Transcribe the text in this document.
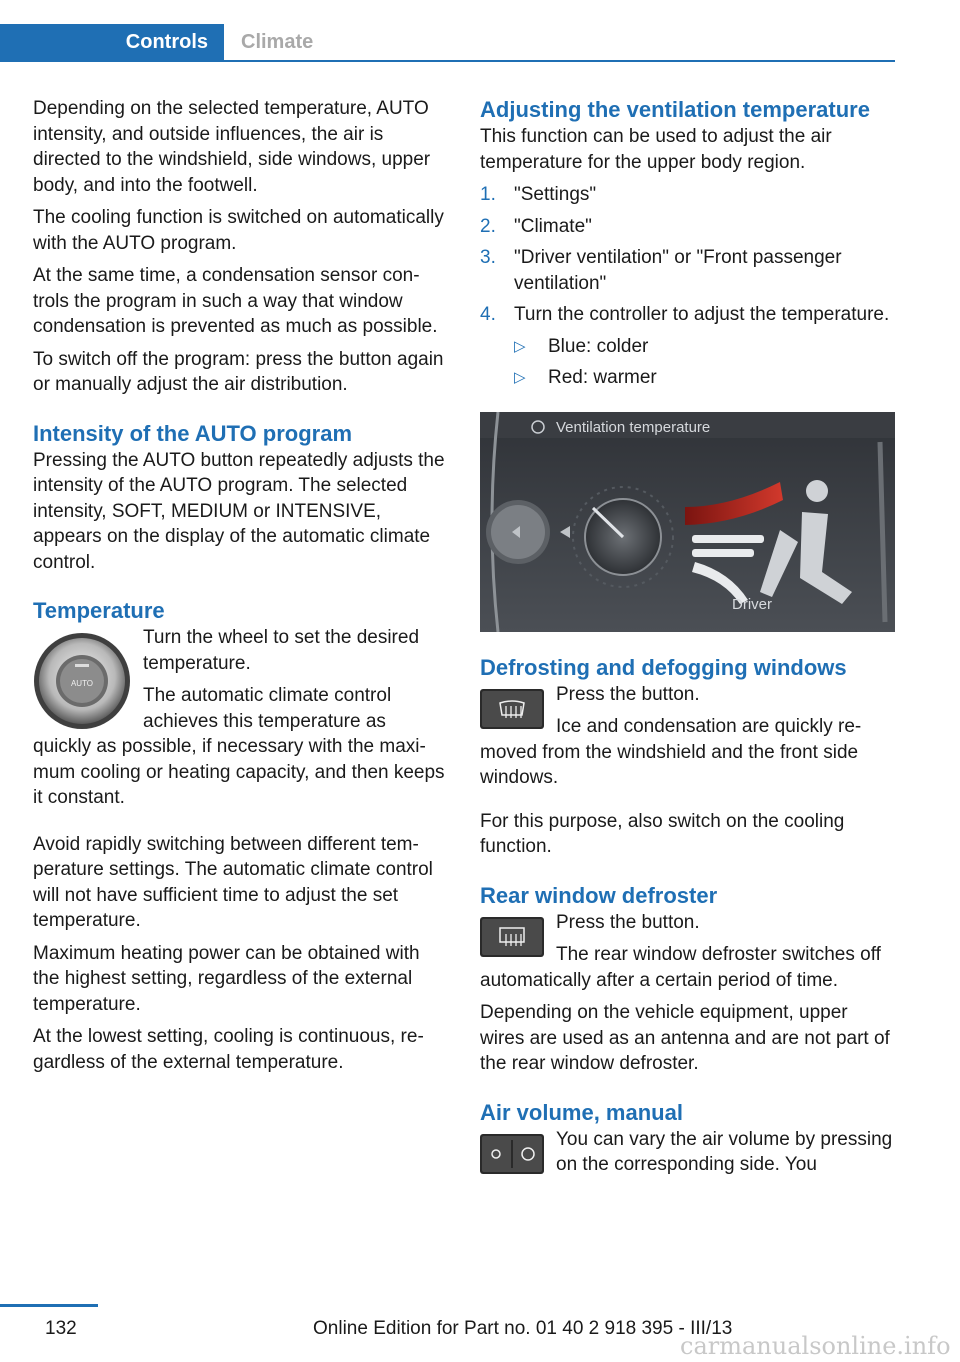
Controls Climate

Depending on the selected temperature, AUTO intensity, and outside influences, the air is directed to the windshield, side windows, upper body, and into the footwell.

The cooling function is switched on automatically with the AUTO program.

At the same time, a condensation sensor controls the program in such a way that window condensation is prevented as much as possible.

To switch off the program: press the button again or manually adjust the air distribution.

Intensity of the AUTO program

Pressing the AUTO button repeatedly adjusts the intensity of the AUTO program. The selected intensity, SOFT, MEDIUM or INTENSIVE, appears on the display of the automatic climate control.

Temperature
AUTO

Turn the wheel to set the desired temperature.

The automatic climate control achieves this temperature as quickly as possible, if necessary with the maximum cooling or heating capacity, and then keeps it constant.

Avoid rapidly switching between different temperature settings. The automatic climate control will not have sufficient time to adjust the set temperature.

Maximum heating power can be obtained with the highest setting, regardless of the external temperature.

At the lowest setting, cooling is continuous, regardless of the external temperature.

Adjusting the ventilation temperature

This function can be used to adjust the air temperature for the upper body region.

1. "Settings"
2. "Climate"
3. "Driver ventilation" or "Front passenger ventilation"
4. Turn the controller to adjust the temperature.
▷ Blue: colder
▷ Red: warmer
Ventilation temperature
Driver
Defrosting and defogging windows

Press the button.

Ice and condensation are quickly removed from the windshield and the front side windows.

For this purpose, also switch on the cooling function.

Rear window defroster

Press the button.

The rear window defroster switches off automatically after a certain period of time.

Depending on the vehicle equipment, upper wires are used as an antenna and are not part of the rear window defroster.

Air volume, manual

You can vary the air volume by pressing on the corresponding side. You

132	Online Edition for Part no. 01 40 2 918 395 - III/13
carmanualsonline.info
